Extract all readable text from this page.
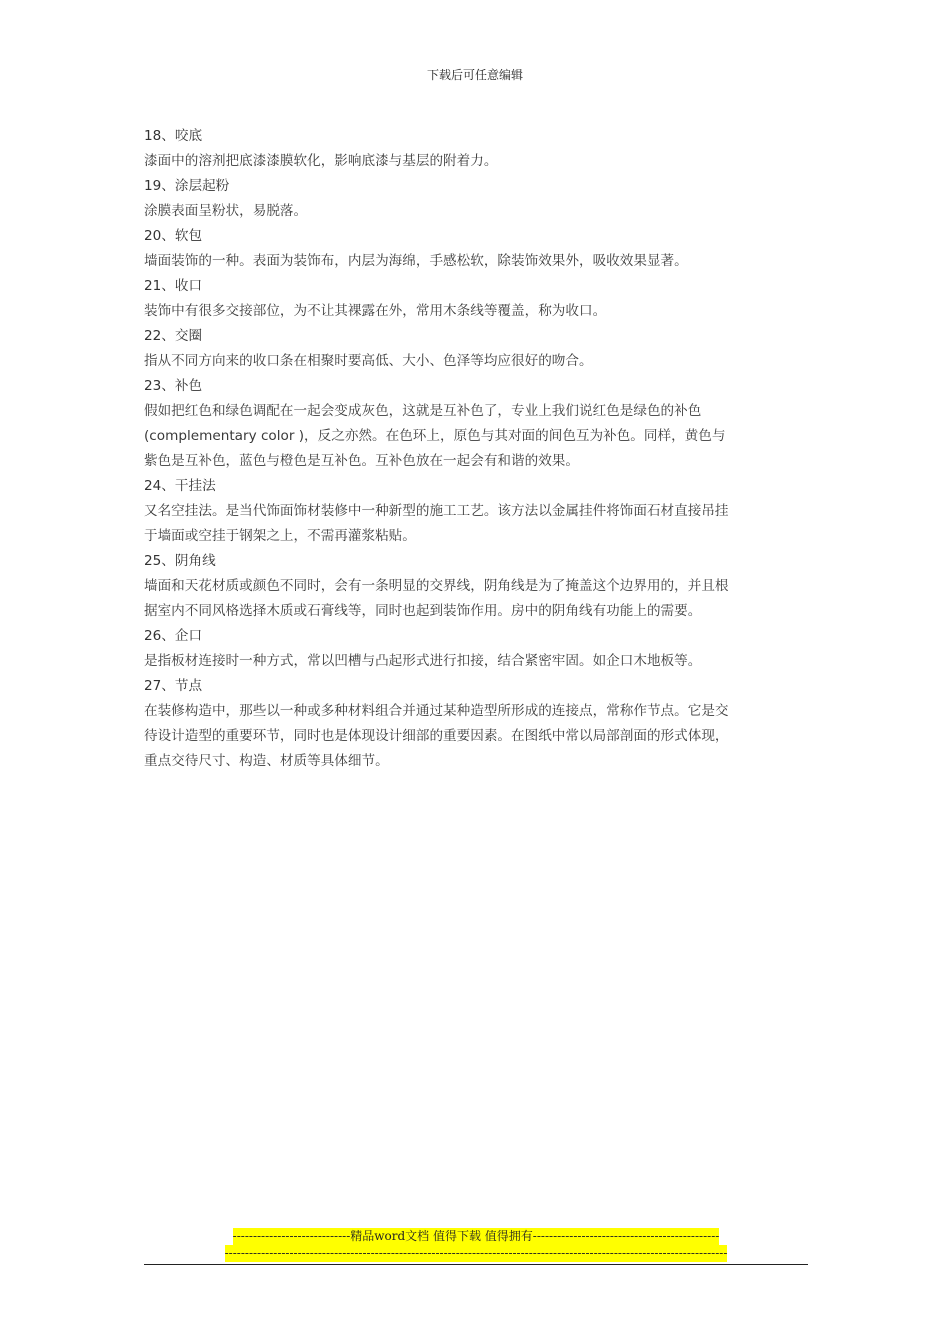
下载后可任意编辑

18、咬底

漆面中的溶剂把底漆漆膜软化，影响底漆与基层的附着力。

19、涂层起粉

涂膜表面呈粉状，易脱落。

20、软包

墙面装饰的一种。表面为装饰布，内层为海绵，手感松软，除装饰效果外，吸收效果显著。

21、收口

装饰中有很多交接部位，为不让其裸露在外，常用木条线等覆盖，称为收口。

22、交圈

指从不同方向来的收口条在相聚时要高低、大小、色泽等均应很好的吻合。

23、补色

假如把红色和绿色调配在一起会变成灰色，这就是互补色了，专业上我们说红色是绿色的补色

(complementary color )，反之亦然。在色环上，原色与其对面的间色互为补色。同样，黄色与

紫色是互补色，蓝色与橙色是互补色。互补色放在一起会有和谐的效果。

24、干挂法

又名空挂法。是当代饰面饰材装修中一种新型的施工工艺。该方法以金属挂件将饰面石材直接吊挂

于墙面或空挂于钢架之上，不需再灌浆粘贴。

25、阴角线

墙面和天花材质或颜色不同时，会有一条明显的交界线，阴角线是为了掩盖这个边界用的，并且根

据室内不同风格选择木质或石膏线等，同时也起到装饰作用。房中的阴角线有功能上的需要。

26、企口

是指板材连接时一种方式，常以凹槽与凸起形式进行扣接，结合紧密牢固。如企口木地板等。

27、节点

在装修构造中，那些以一种或多种材料组合并通过某种造型所形成的连接点，常称作节点。它是交

待设计造型的重要环节，同时也是体现设计细部的重要因素。在图纸中常以局部剖面的形式体现，

重点交待尺寸、构造、材质等具体细节。

-----------------------------精品word文档 值得下载 值得拥有----------------------------------------------
----------------------------------------------------------------------------------------------------------------------------
